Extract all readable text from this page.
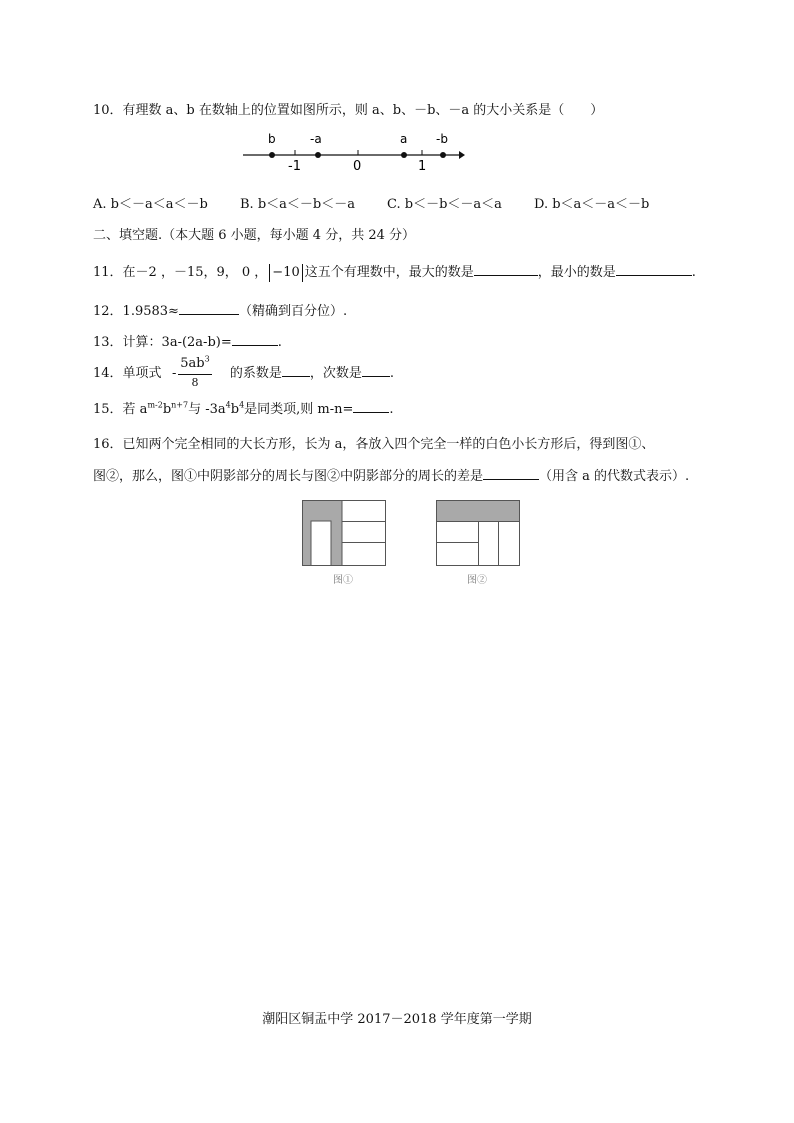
10．有理数 a、b 在数轴上的位置如图所示，则 a、b、－b、－a 的大小关系是（　　）
b	-a	a -b
-1	0	1
A. b＜－a＜a＜－b B. b＜a＜－b＜－a C. b＜－b＜－a＜a D. b＜a＜－a＜－b
二、填空题.（本大题 6 小题，每小题 4 分，共 24 分）
11．在－2 ，－15，9， 0 ， −10 这五个有理数中，最大的数是	，最小的数是	.
12．1.9583≈	（精确到百分位）.
13．计算：3a-(2a-b)=	.
14．单项式	的系数是 ，次数是 .
-
$5ab^3$
8
15．若 $a^{m-2}b^{n+7}$与 $-3a^4b^4$是同类项,则 m-n=	.
16．已知两个完全相同的大长方形，长为 a，各放入四个完全一样的白色小长方形后，得到图①、
图②，那么，图①中阴影部分的周长与图②中阴影部分的周长的差是	（用含 a 的代数式表示）.
图①	图②
潮阳区铜盂中学 2017－2018 学年度第一学期
